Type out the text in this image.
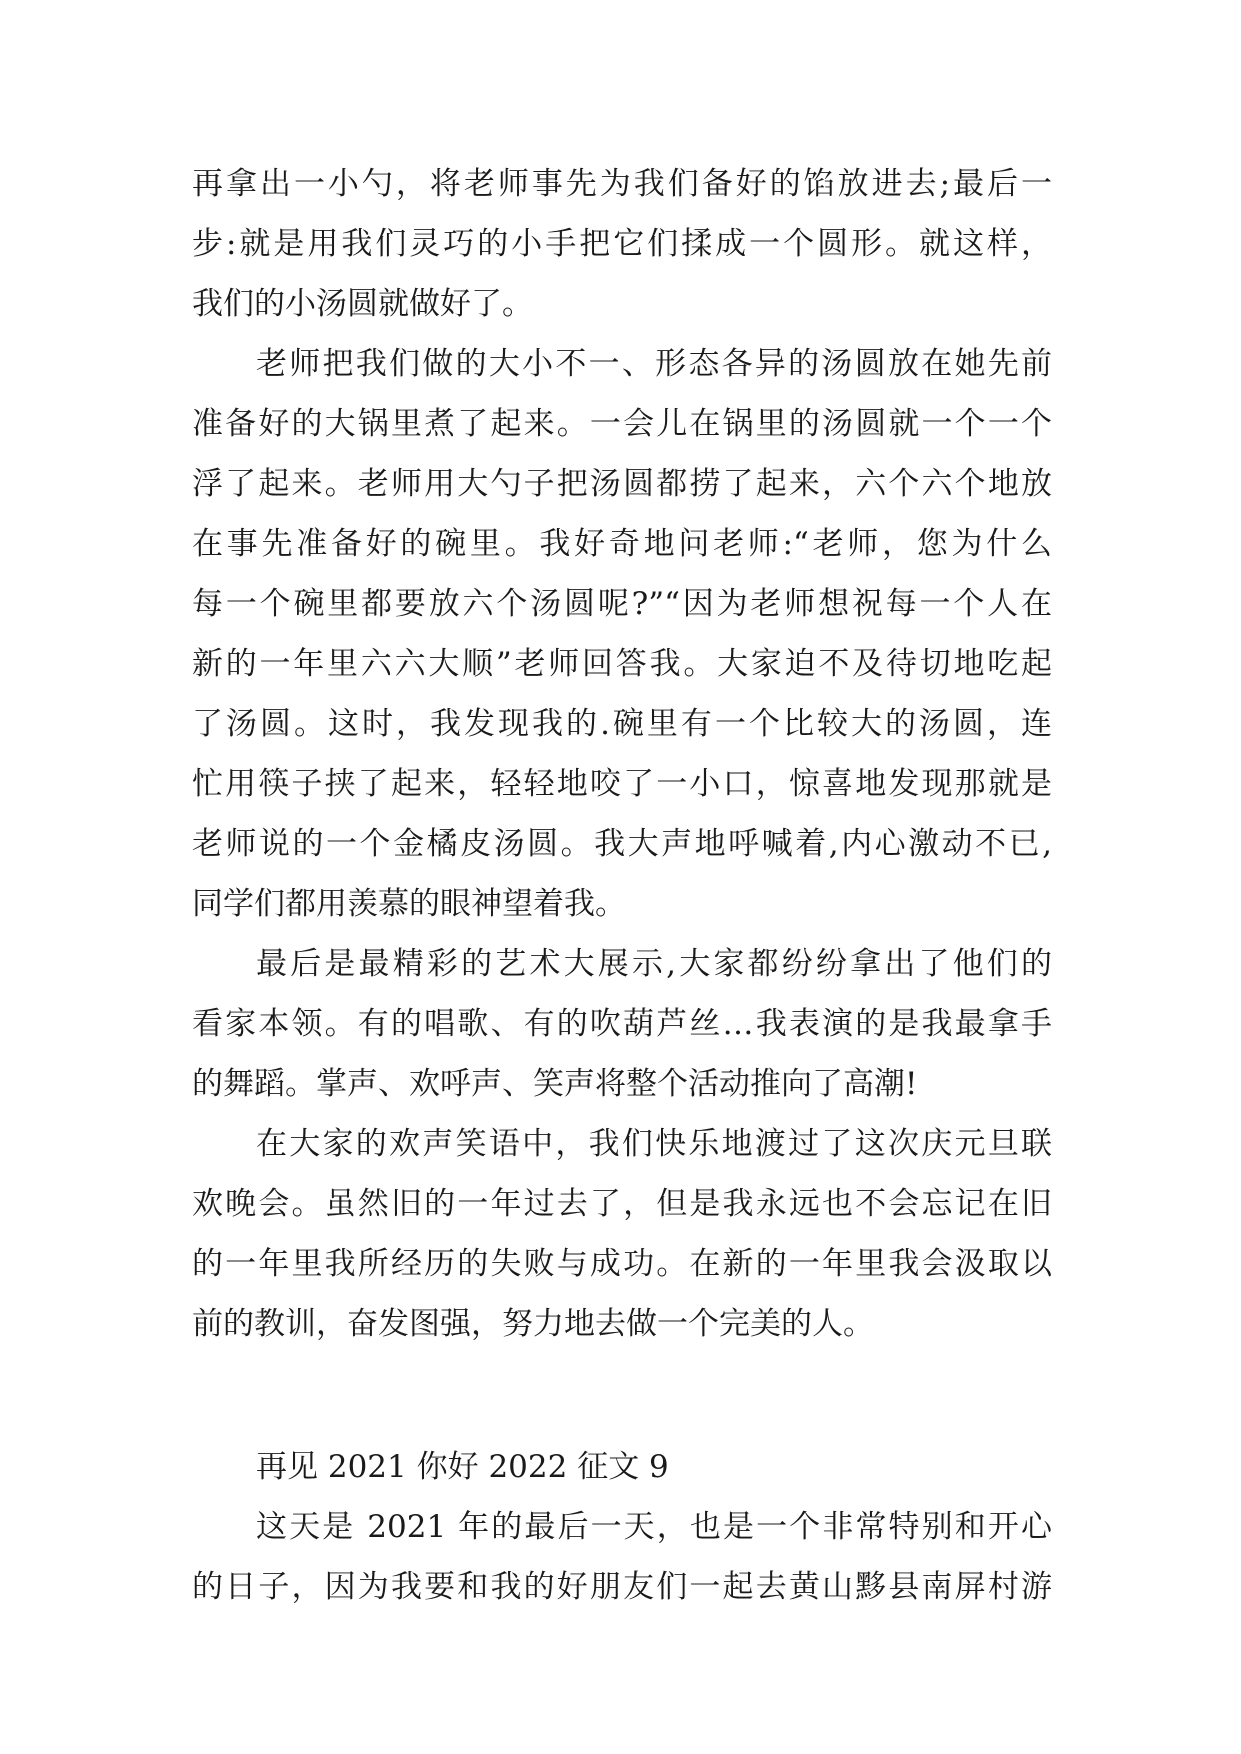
再拿出一小勺，将老师事先为我们备好的馅放进去;最后一
步:就是用我们灵巧的小手把它们揉成一个圆形。就这样，
我们的小汤圆就做好了。
老师把我们做的大小不一、形态各异的汤圆放在她先前
准备好的大锅里煮了起来。一会儿在锅里的汤圆就一个一个
浮了起来。老师用大勺子把汤圆都捞了起来，六个六个地放
在事先准备好的碗里。我好奇地问老师:“老师，您为什么
每一个碗里都要放六个汤圆呢?”“因为老师想祝每一个人在
新的一年里六六大顺”老师回答我。大家迫不及待切地吃起
了汤圆。这时，我发现我的.碗里有一个比较大的汤圆，连
忙用筷子挟了起来，轻轻地咬了一小口，惊喜地发现那就是
老师说的一个金橘皮汤圆。我大声地呼喊着,内心激动不已,
同学们都用羡慕的眼神望着我。
最后是最精彩的艺术大展示,大家都纷纷拿出了他们的
看家本领。有的唱歌、有的吹葫芦丝…我表演的是我最拿手
的舞蹈。掌声、欢呼声、笑声将整个活动推向了高潮!
在大家的欢声笑语中，我们快乐地渡过了这次庆元旦联
欢晚会。虽然旧的一年过去了，但是我永远也不会忘记在旧
的一年里我所经历的失败与成功。在新的一年里我会汲取以
前的教训，奋发图强，努力地去做一个完美的人。
再见 2021 你好 2022 征文 9
这天是 2021 年的最后一天，也是一个非常特别和开心
的日子，因为我要和我的好朋友们一起去黄山黟县南屏村游
